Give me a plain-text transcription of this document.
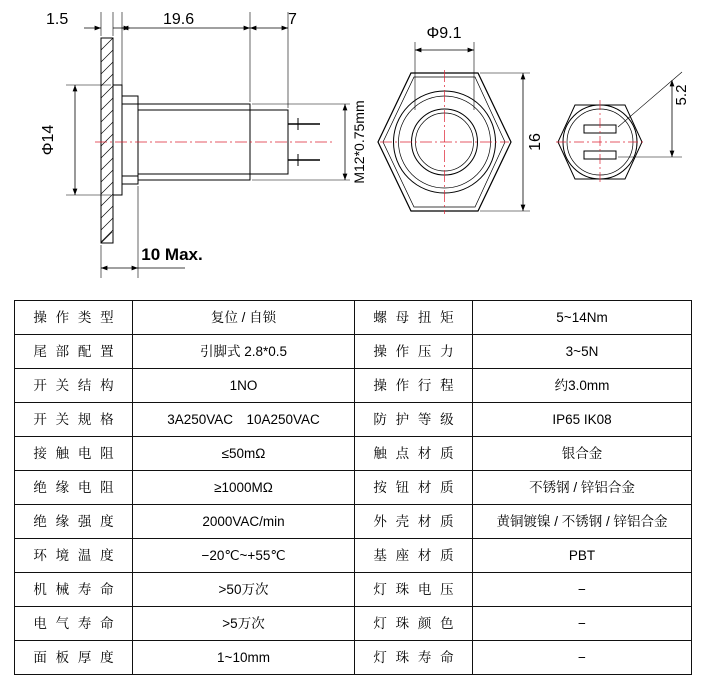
1.5	19.6	7
Φ14
10 Max.
M12*0.75mm
Φ9.1
16
5.2
操 作 类 型	复位 / 自锁	螺 母 扭 矩	5~14Nm
尾 部 配 置	引脚式 2.8*0.5	操 作 压 力	3~5N
开 关 结 构	1NO	操 作 行 程	约3.0mm
开 关 规 格	3A250VAC　10A250VAC	防 护 等 级	IP65 IK08
接 触 电 阻	≤50mΩ	触 点 材 质	银合金
绝 缘 电 阻	≥1000MΩ	按 钮 材 质	不锈钢 / 锌铝合金
绝 缘 强 度	2000VAC/min	外 壳 材 质	黄铜镀镍 / 不锈钢 / 锌铝合金
环 境 温 度	−20℃~+55℃	基 座 材 质	PBT
机 械 寿 命	>50万次	灯 珠 电 压	−
电 气 寿 命	>5万次	灯 珠 颜 色	−
面 板 厚 度	1~10mm	灯 珠 寿 命	−
